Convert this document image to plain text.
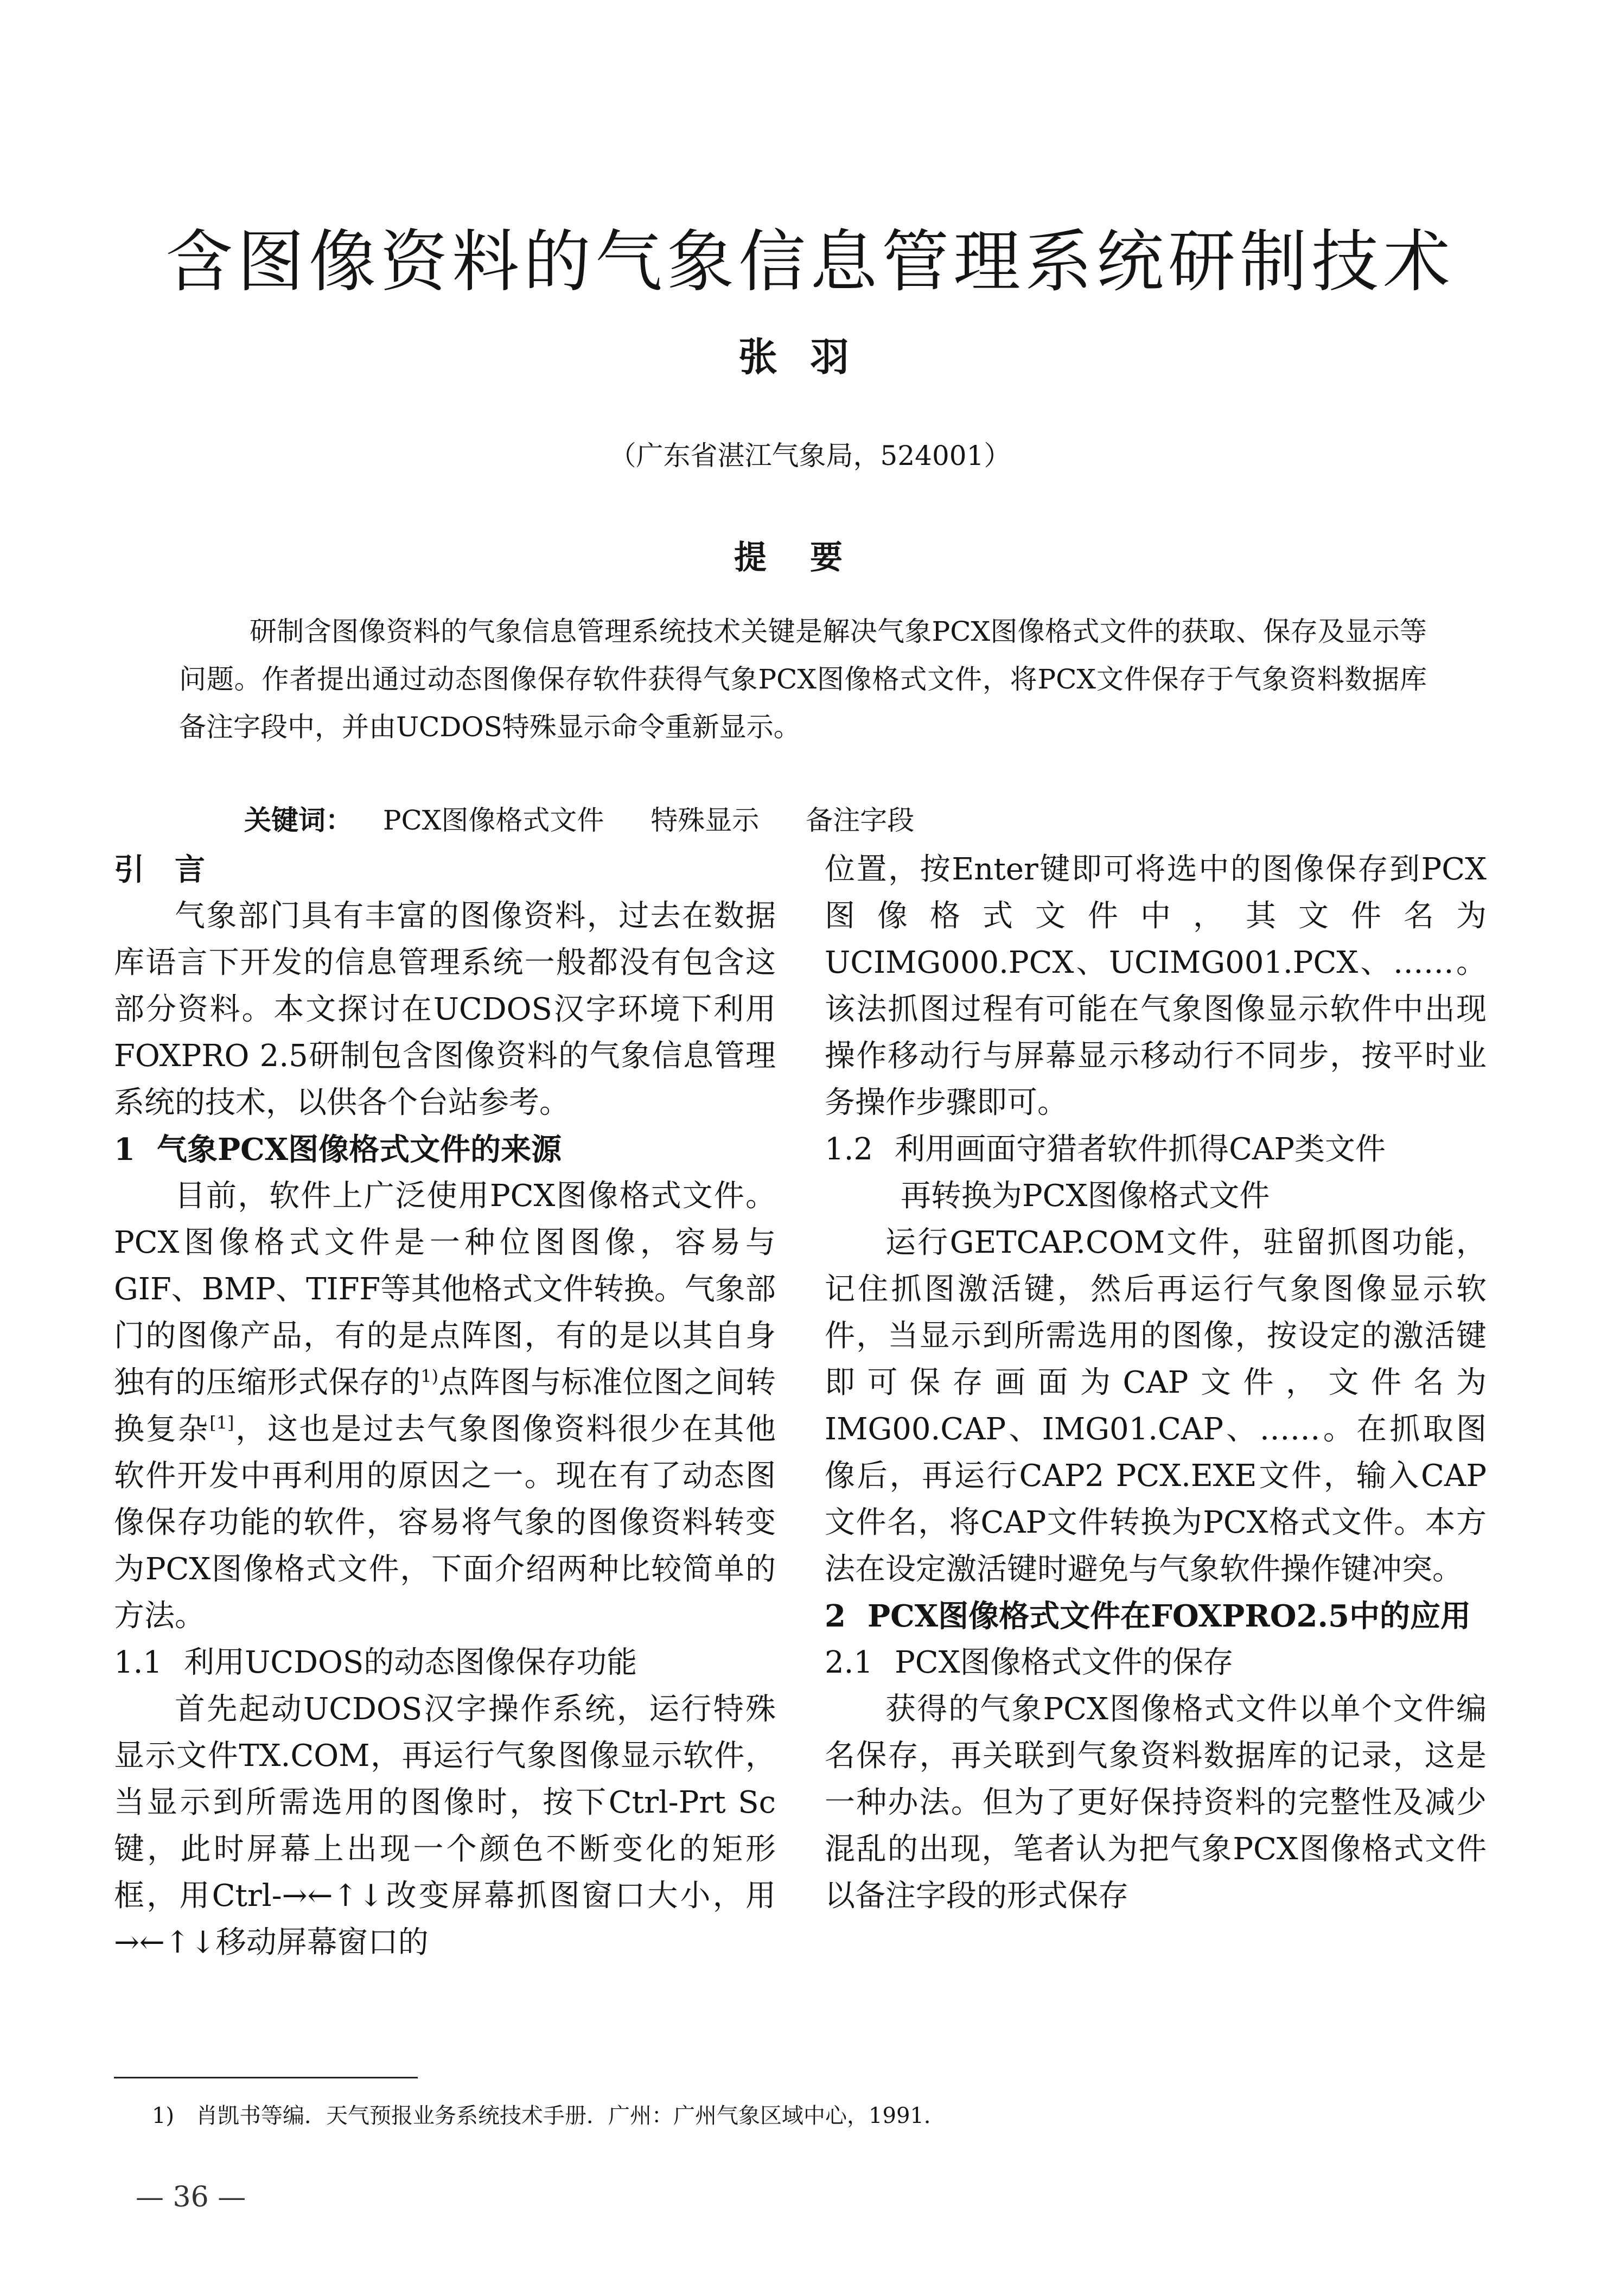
含图像资料的气象信息管理系统研制技术
张羽
（广东省湛江气象局，524001）
提要
研制含图像资料的气象信息管理系统技术关键是解决气象PCX图像格式文件的获取、保存及显示等问题。作者提出通过动态图像保存软件获得气象PCX图像格式文件，将PCX文件保存于气象资料数据库备注字段中，并由UCDOS特殊显示命令重新显示。
关键词： PCX图像格式文件 特殊显示 备注字段
引　言

气象部门具有丰富的图像资料，过去在数据库语言下开发的信息管理系统一般都没有包含这部分资料。本文探讨在UCDOS汉字环境下利用FOXPRO 2.5研制包含图像资料的气象信息管理系统的技术，以供各个台站参考。

1 气象PCX图像格式文件的来源

目前，软件上广泛使用PCX图像格式文件。PCX图像格式文件是一种位图图像，容易与GIF、BMP、TIFF等其他格式文件转换。气象部门的图像产品，有的是点阵图，有的是以其自身独有的压缩形式保存的$^{1)}$点阵图与标准位图之间转换复杂[1]，这也是过去气象图像资料很少在其他软件开发中再利用的原因之一。现在有了动态图像保存功能的软件，容易将气象的图像资料转变为PCX图像格式文件，下面介绍两种比较简单的方法。

1.1 利用UCDOS的动态图像保存功能

首先起动UCDOS汉字操作系统，运行特殊显示文件TX.COM，再运行气象图像显示软件，当显示到所需选用的图像时，按下Ctrl-Prt Sc键，此时屏幕上出现一个颜色不断变化的矩形框，用Ctrl-→←↑↓改变屏幕抓图窗口大小，用→←↑↓移动屏幕窗口的

位置，按Enter键即可将选中的图像保存到PCX图像格式文件中，其文件名为UCIMG000.PCX、UCIMG001.PCX、……。该法抓图过程有可能在气象图像显示软件中出现操作移动行与屏幕显示移动行不同步，按平时业务操作步骤即可。

1.2 利用画面守猎者软件抓得CAP类文件
再转换为PCX图像格式文件

运行GETCAP.COM文件，驻留抓图功能，记住抓图激活键，然后再运行气象图像显示软件，当显示到所需选用的图像，按设定的激活键即可保存画面为CAP文件，文件名为IMG00.CAP、IMG01.CAP、……。在抓取图像后，再运行CAP2 PCX.EXE文件，输入CAP文件名，将CAP文件转换为PCX格式文件。本方法在设定激活键时避免与气象软件操作键冲突。

2 PCX图像格式文件在FOXPRO2.5中的应用
2.1 PCX图像格式文件的保存

获得的气象PCX图像格式文件以单个文件编名保存，再关联到气象资料数据库的记录，这是一种办法。但为了更好保持资料的完整性及减少混乱的出现，笔者认为把气象PCX图像格式文件以备注字段的形式保存

1) 肖凯书等编．天气预报业务系统技术手册．广州：广州气象区域中心，1991．
— 36 —
